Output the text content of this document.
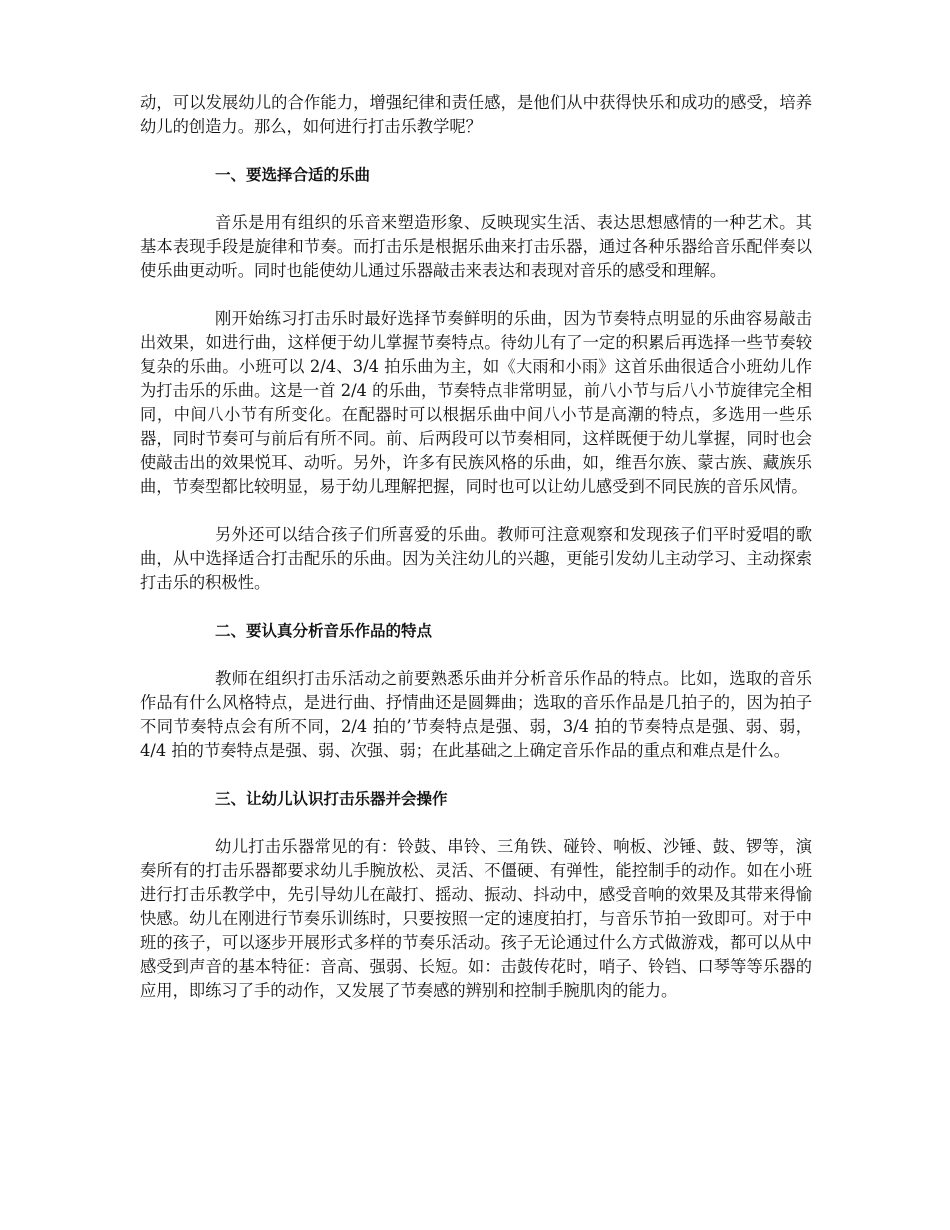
动，可以发展幼儿的合作能力，增强纪律和责任感，是他们从中获得快乐和成功的感受，培养幼儿的创造力。那么，如何进行打击乐教学呢？

一、要选择合适的乐曲

音乐是用有组织的乐音来塑造形象、反映现实生活、表达思想感情的一种艺术。其基本表现手段是旋律和节奏。而打击乐是根据乐曲来打击乐器，通过各种乐器给音乐配伴奏以使乐曲更动听。同时也能使幼儿通过乐器敲击来表达和表现对音乐的感受和理解。

刚开始练习打击乐时最好选择节奏鲜明的乐曲，因为节奏特点明显的乐曲容易敲击出效果，如进行曲，这样便于幼儿掌握节奏特点。待幼儿有了一定的积累后再选择一些节奏较复杂的乐曲。小班可以 2/4、3/4 拍乐曲为主，如《大雨和小雨》这首乐曲很适合小班幼儿作为打击乐的乐曲。这是一首 2/4 的乐曲，节奏特点非常明显，前八小节与后八小节旋律完全相同，中间八小节有所变化。在配器时可以根据乐曲中间八小节是高潮的特点，多选用一些乐器，同时节奏可与前后有所不同。前、后两段可以节奏相同，这样既便于幼儿掌握，同时也会使敲击出的效果悦耳、动听。另外，许多有民族风格的乐曲，如，维吾尔族、蒙古族、藏族乐曲，节奏型都比较明显，易于幼儿理解把握，同时也可以让幼儿感受到不同民族的音乐风情。

另外还可以结合孩子们所喜爱的乐曲。教师可注意观察和发现孩子们平时爱唱的歌曲，从中选择适合打击配乐的乐曲。因为关注幼儿的兴趣，更能引发幼儿主动学习、主动探索打击乐的积极性。

二、要认真分析音乐作品的特点

教师在组织打击乐活动之前要熟悉乐曲并分析音乐作品的特点。比如，选取的音乐作品有什么风格特点，是进行曲、抒情曲还是圆舞曲；选取的音乐作品是几拍子的，因为拍子不同节奏特点会有所不同，2/4 拍的’节奏特点是强、弱，3/4 拍的节奏特点是强、弱、弱，4/4 拍的节奏特点是强、弱、次强、弱；在此基础之上确定音乐作品的重点和难点是什么。

三、让幼儿认识打击乐器并会操作

幼儿打击乐器常见的有：铃鼓、串铃、三角铁、碰铃、响板、沙锤、鼓、锣等，演奏所有的打击乐器都要求幼儿手腕放松、灵活、不僵硬、有弹性，能控制手的动作。如在小班进行打击乐教学中，先引导幼儿在敲打、摇动、振动、抖动中，感受音响的效果及其带来得愉快感。幼儿在刚进行节奏乐训练时，只要按照一定的速度拍打，与音乐节拍一致即可。对于中班的孩子，可以逐步开展形式多样的节奏乐活动。孩子无论通过什么方式做游戏，都可以从中感受到声音的基本特征：音高、强弱、长短。如：击鼓传花时，哨子、铃铛、口琴等等乐器的应用，即练习了手的动作，又发展了节奏感的辨别和控制手腕肌肉的能力。
